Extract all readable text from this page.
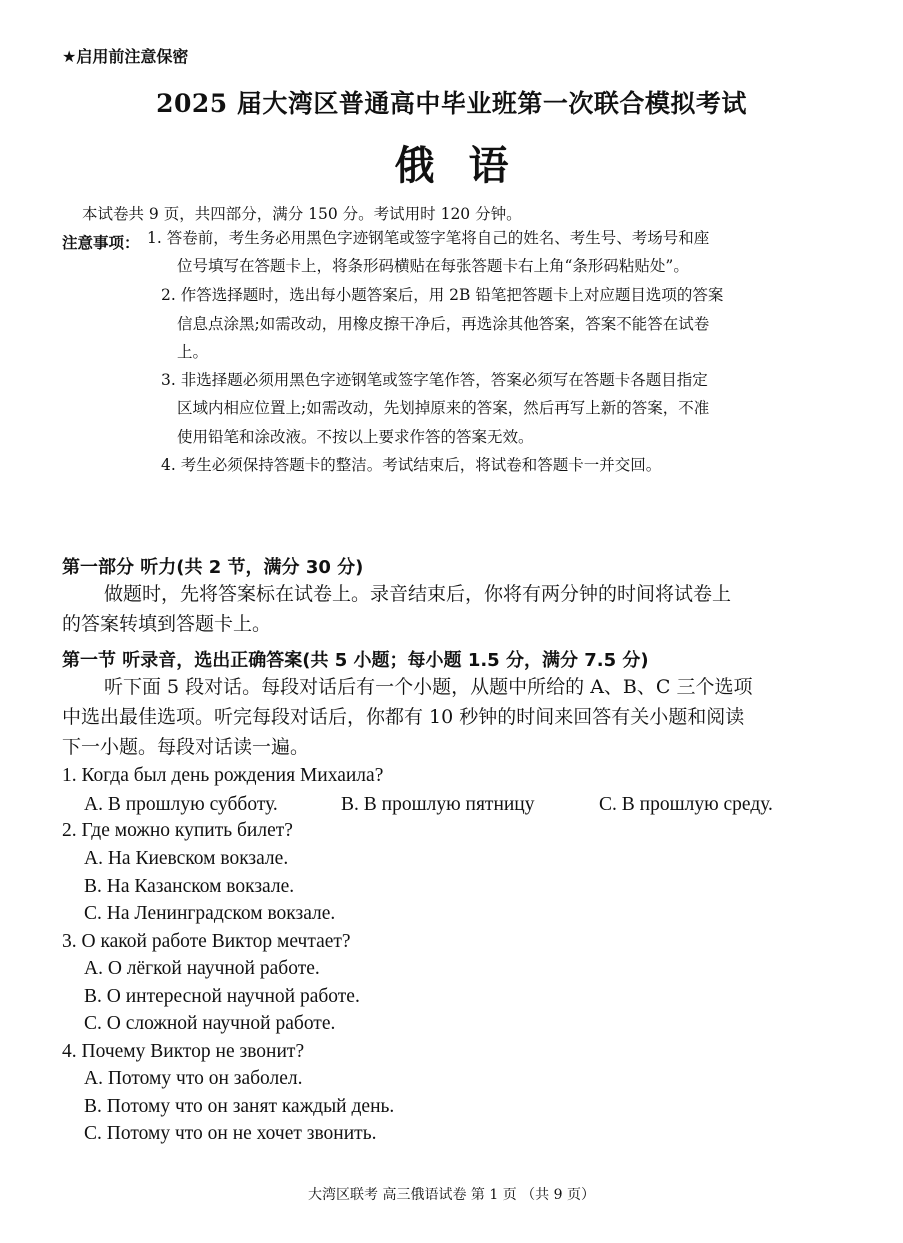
★启用前注意保密
2025 届大湾区普通高中毕业班第一次联合模拟考试
俄语
本试卷共 9 页，共四部分，满分 150 分。考试用时 120 分钟。
注意事项： 1. 答卷前，考生务必用黑色字迹钢笔或签字笔将自己的姓名、考生号、考场号和座
位号填写在答题卡上，将条形码横贴在每张答题卡右上角“条形码粘贴处”。
2. 作答选择题时，选出每小题答案后，用 2B 铅笔把答题卡上对应题目选项的答案
信息点涂黑;如需改动，用橡皮擦干净后，再选涂其他答案，答案不能答在试卷
上。
3. 非选择题必须用黑色字迹钢笔或签字笔作答，答案必须写在答题卡各题目指定
区域内相应位置上;如需改动，先划掉原来的答案，然后再写上新的答案，不准
使用铅笔和涂改液。不按以上要求作答的答案无效。
4. 考生必须保持答题卡的整洁。考试结束后，将试卷和答题卡一并交回。
第一部分 听力(共 2 节，满分 30 分)
做题时，先将答案标在试卷上。录音结束后，你将有两分钟的时间将试卷上
的答案转填到答题卡上。
第一节 听录音，选出正确答案(共 5 小题；每小题 1.5 分，满分 7.5 分)
听下面 5 段对话。每段对话后有一个小题，从题中所给的 A、B、C 三个选项
中选出最佳选项。听完每段对话后，你都有 10 秒钟的时间来回答有关小题和阅读
下一小题。每段对话读一遍。
1. Когда был день рождения Михаила?
A. В прошлую субботу.	B. В прошлую пятницу	C. В прошлую среду.
2. Где можно купить билет?
A. На Киевском вокзале.
B. На Казанском вокзале.
C. На Ленинградском вокзале.
3. О какой работе Виктор мечтает?
A. О лёгкой научной работе.
B. О интересной научной работе.
C. О сложной научной работе.
4. Почему Виктор не звонит?
A. Потому что он заболел.
B. Потому что он занят каждый день.
C. Потому что он не хочет звонить.
大湾区联考 高三俄语试卷 第 1 页 （共 9 页）
